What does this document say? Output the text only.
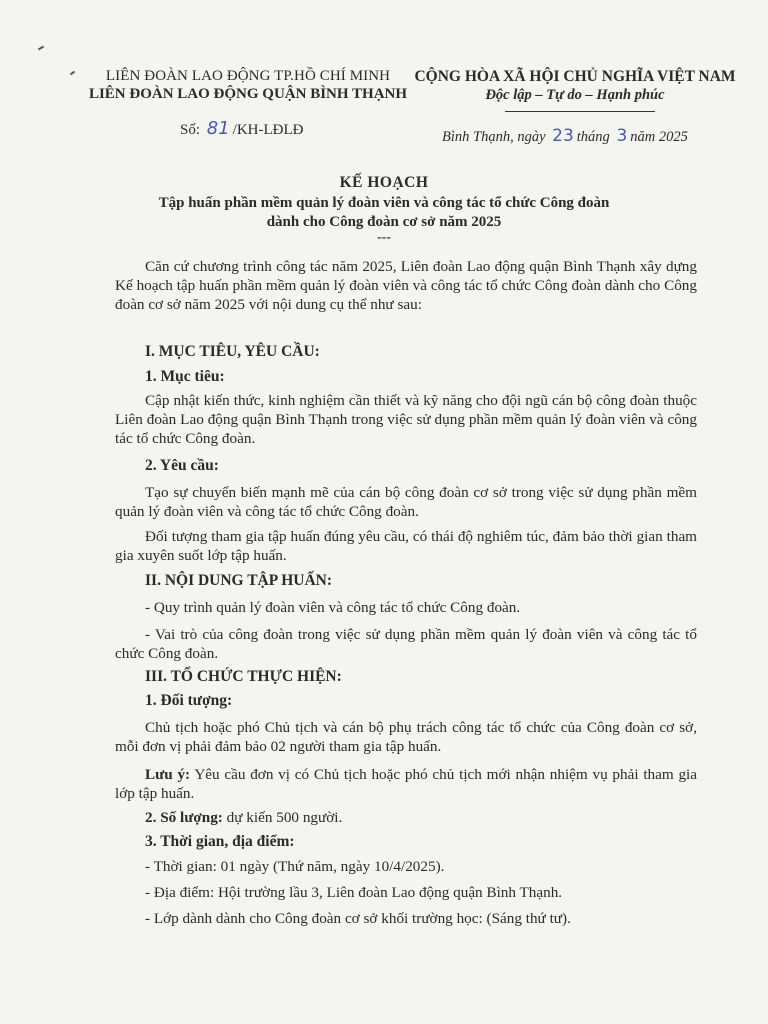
LIÊN ĐOÀN LAO ĐỘNG TP.HỒ CHÍ MINH
LIÊN ĐOÀN LAO ĐỘNG QUẬN BÌNH THẠNH
CỘNG HÒA XÃ HỘI CHỦ NGHĨA VIỆT NAM
Độc lập – Tự do – Hạnh phúc
Số: 81 /KH-LĐLĐ	Bình Thạnh, ngày 23 tháng 3 năm 2025
KẾ HOẠCH
Tập huấn phần mềm quản lý đoàn viên và công tác tổ chức Công đoàn
dành cho Công đoàn cơ sở năm 2025
---
Căn cứ chương trình công tác năm 2025, Liên đoàn Lao động quận Bình Thạnh xây dựng Kế hoạch tập huấn phần mềm quản lý đoàn viên và công tác tổ chức Công đoàn dành cho Công đoàn cơ sở năm 2025 với nội dung cụ thể như sau:
I. MỤC TIÊU, YÊU CẦU:
1. Mục tiêu:
Cập nhật kiến thức, kinh nghiệm cần thiết và kỹ năng cho đội ngũ cán bộ công đoàn thuộc Liên đoàn Lao động quận Bình Thạnh trong việc sử dụng phần mềm quản lý đoàn viên và công tác tổ chức Công đoàn.
2. Yêu cầu:
Tạo sự chuyển biến mạnh mẽ của cán bộ công đoàn cơ sở trong việc sử dụng phần mềm quản lý đoàn viên và công tác tổ chức Công đoàn.
Đối tượng tham gia tập huấn đúng yêu cầu, có thái độ nghiêm túc, đảm bảo thời gian tham gia xuyên suốt lớp tập huấn.
II. NỘI DUNG TẬP HUẤN:
- Quy trình quản lý đoàn viên và công tác tổ chức Công đoàn.
- Vai trò của công đoàn trong việc sử dụng phần mềm quản lý đoàn viên và công tác tổ chức Công đoàn.
III. TỔ CHỨC THỰC HIỆN:
1. Đối tượng:
Chủ tịch hoặc phó Chủ tịch và cán bộ phụ trách công tác tổ chức của Công đoàn cơ sở, mỗi đơn vị phải đảm bảo 02 người tham gia tập huấn.
Lưu ý: Yêu cầu đơn vị có Chủ tịch hoặc phó chủ tịch mới nhận nhiệm vụ phải tham gia lớp tập huấn.
2. Số lượng: dự kiến 500 người.
3. Thời gian, địa điểm:
- Thời gian: 01 ngày (Thứ năm, ngày 10/4/2025).
- Địa điểm: Hội trường lầu 3, Liên đoàn Lao động quận Bình Thạnh.
- Lớp dành dành cho Công đoàn cơ sở khối trường học: (Sáng thứ tư).
